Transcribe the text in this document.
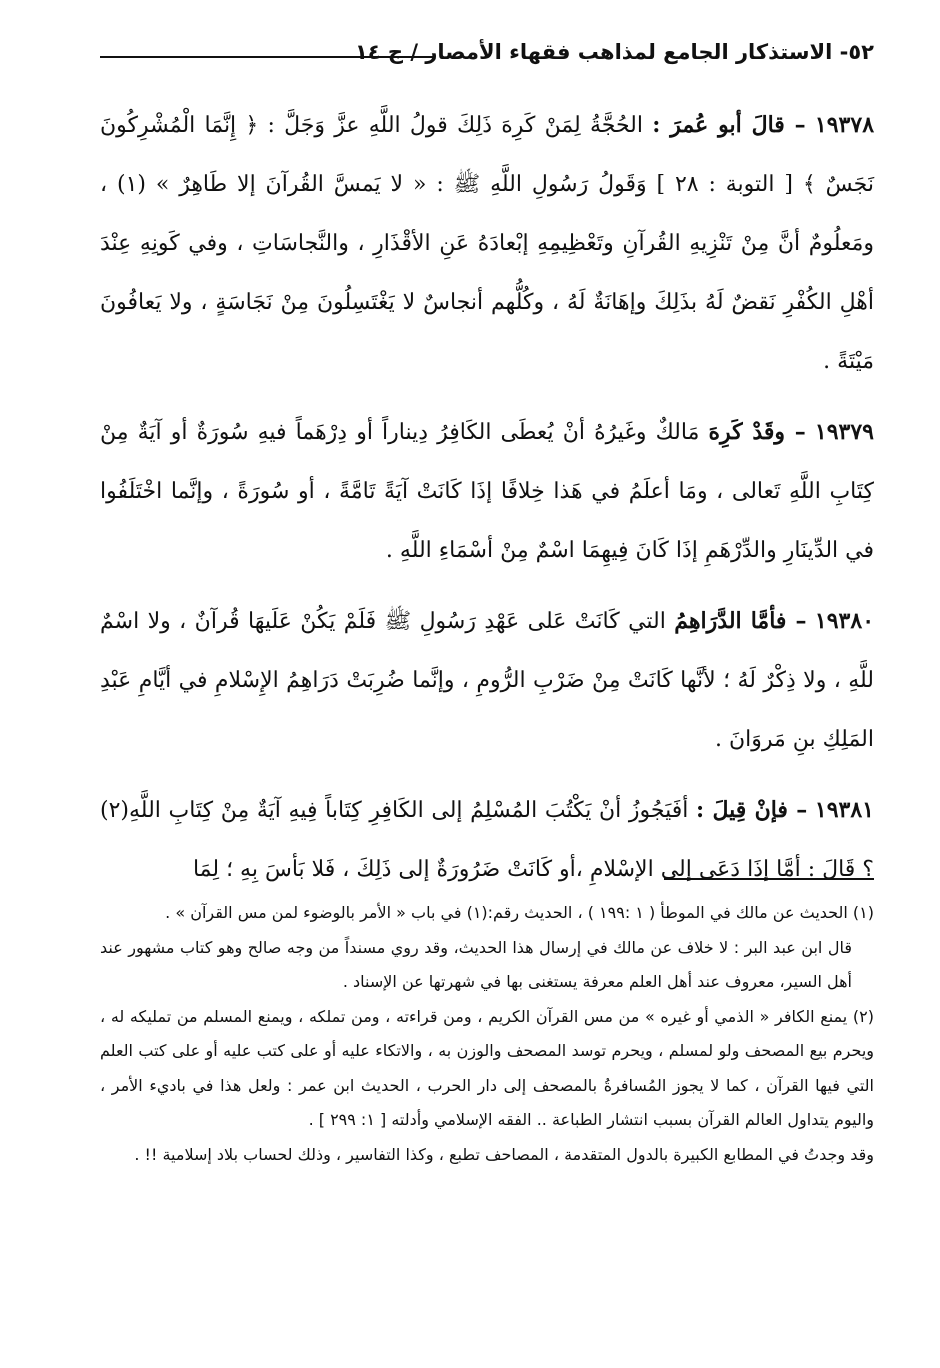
٥٢- الاستذكار الجامع لمذاهب فقهاء الأمصار / ج ١٤

١٩٣٧٨ – قالَ أبو عُمرَ : الحُجَّةُ لِمَنْ كَرِهَ ذَلِكَ قولُ اللَّهِ عزَّ وَجَلَّ : ﴿ إِنَّمَا الْمُشْرِكُونَ نَجَسٌ ﴾ [ التوبة : ٢٨ ] وَقَولُ رَسُولِ اللَّهِ ﷺ : « لا يَمسَّ القُرآنَ إلا طَاهِرٌ » (١) ، ومَعلُومٌ أنَّ مِنْ تَنْزِيهِ القُرآنِ وتَعْظِيمِهِ إبْعادَهُ عَنِ الأقْذَارِ ، والنَّجاسَاتِ ، وفي كَونِهِ عِنْدَ أهْلِ الكُفْرِ نَقضٌ لَهُ بذَلِكَ وإهَانَةٌ لَهُ ، وكُلُّهم أنجاسٌ لا يَغْتَسِلُونَ مِنْ نَجَاسَةٍ ، ولا يَعافُونَ مَيْتَةً .

١٩٣٧٩ – وقَدْ كَرِهَ مَالكٌ وغَيرُهُ أنْ يُعطَى الكَافِرُ دِيناراً أو دِرْهَماً فيهِ سُورَةٌ أو آيَةٌ مِنْ كِتَابِ اللَّهِ تَعالى ، ومَا أعلَمُ في هَذا خِلافًا إذَا كَانَتْ آيَةً تَامَّةً ، أو سُورَةً ، وإنَّما اخْتَلَفُوا في الدِّينَارِ والدِّرْهَمِ إذَا كَانَ فِيهِمَا اسْمٌ مِنْ أسْمَاءِ اللَّهِ .

١٩٣٨٠ – فأمَّا الدَّرَاهِمُ التي كَانَتْ عَلى عَهْدِ رَسُولِ ﷺ فَلَمْ يَكُنْ عَلَيهَا قُرآنٌ ، ولا اسْمٌ للَّهِ ، ولا ذِكْرٌ لَهُ ؛ لأنَّها كَانَتْ مِنْ ضَرْبِ الرُّومِ ، وإنَّما ضُرِبَتْ دَرَاهِمُ الإِسْلامِ في أيَّامِ عَبْدِ المَلِكِ بنِ مَروَانَ .

١٩٣٨١ – فإنْ قِيلَ : أفَيَجُوزُ أنْ يَكْتُبَ المُسْلِمُ إلى الكَافِرِ كِتَاباً فِيهِ آيَةٌ مِنْ كِتَابِ اللَّهِ(٢) ؟ قَالَ : أمَّا إذَا دَعَى إلى الإسْلامِ ،أو كَانَتْ ضَرُورَةٌ إلى ذَلِكَ ، فَلا بَأسَ بِهِ ؛ لِمَا

(١) الحديث عن مالك في الموطأ ( ١ :١٩٩ ) ، الحديث رقم:(١) في باب « الأمر بالوضوء لمن مس القرآن » .

قال ابن عبد البر : لا خلاف عن مالك في إرسال هذا الحديث، وقد روي مسنداً من وجه صالح وهو كتاب مشهور عند أهل السير، معروف عند أهل العلم معرفة يستغنى بها في شهرتها عن الإسناد .

(٢) يمنع الكافر « الذمي أو غيره » من مس القرآن الكريم ، ومن قراءته ، ومن تملكه ، ويمنع المسلم من تمليكه له ، ويحرم بيع المصحف ولو لمسلم ، ويحرم توسد المصحف والوزن به ، والاتكاء عليه أو على كتب عليه أو على كتب العلم التي فيها القرآن ، كما لا يجوز المُسافرةُ بالمصحف إلى دار الحرب ، الحديث ابن عمر : ولعل هذا في باديء الأمر ، واليوم يتداول العالم القرآن بسبب انتشار الطباعة .. الفقه الإسلامي وأدلته [ ١: ٢٩٩ ] .

وقد وجدتُ في المطابع الكبيرة بالدول المتقدمة ، المصاحف تطبع ، وكذا التفاسير ، وذلك لحساب بلاد إسلامية !! .
